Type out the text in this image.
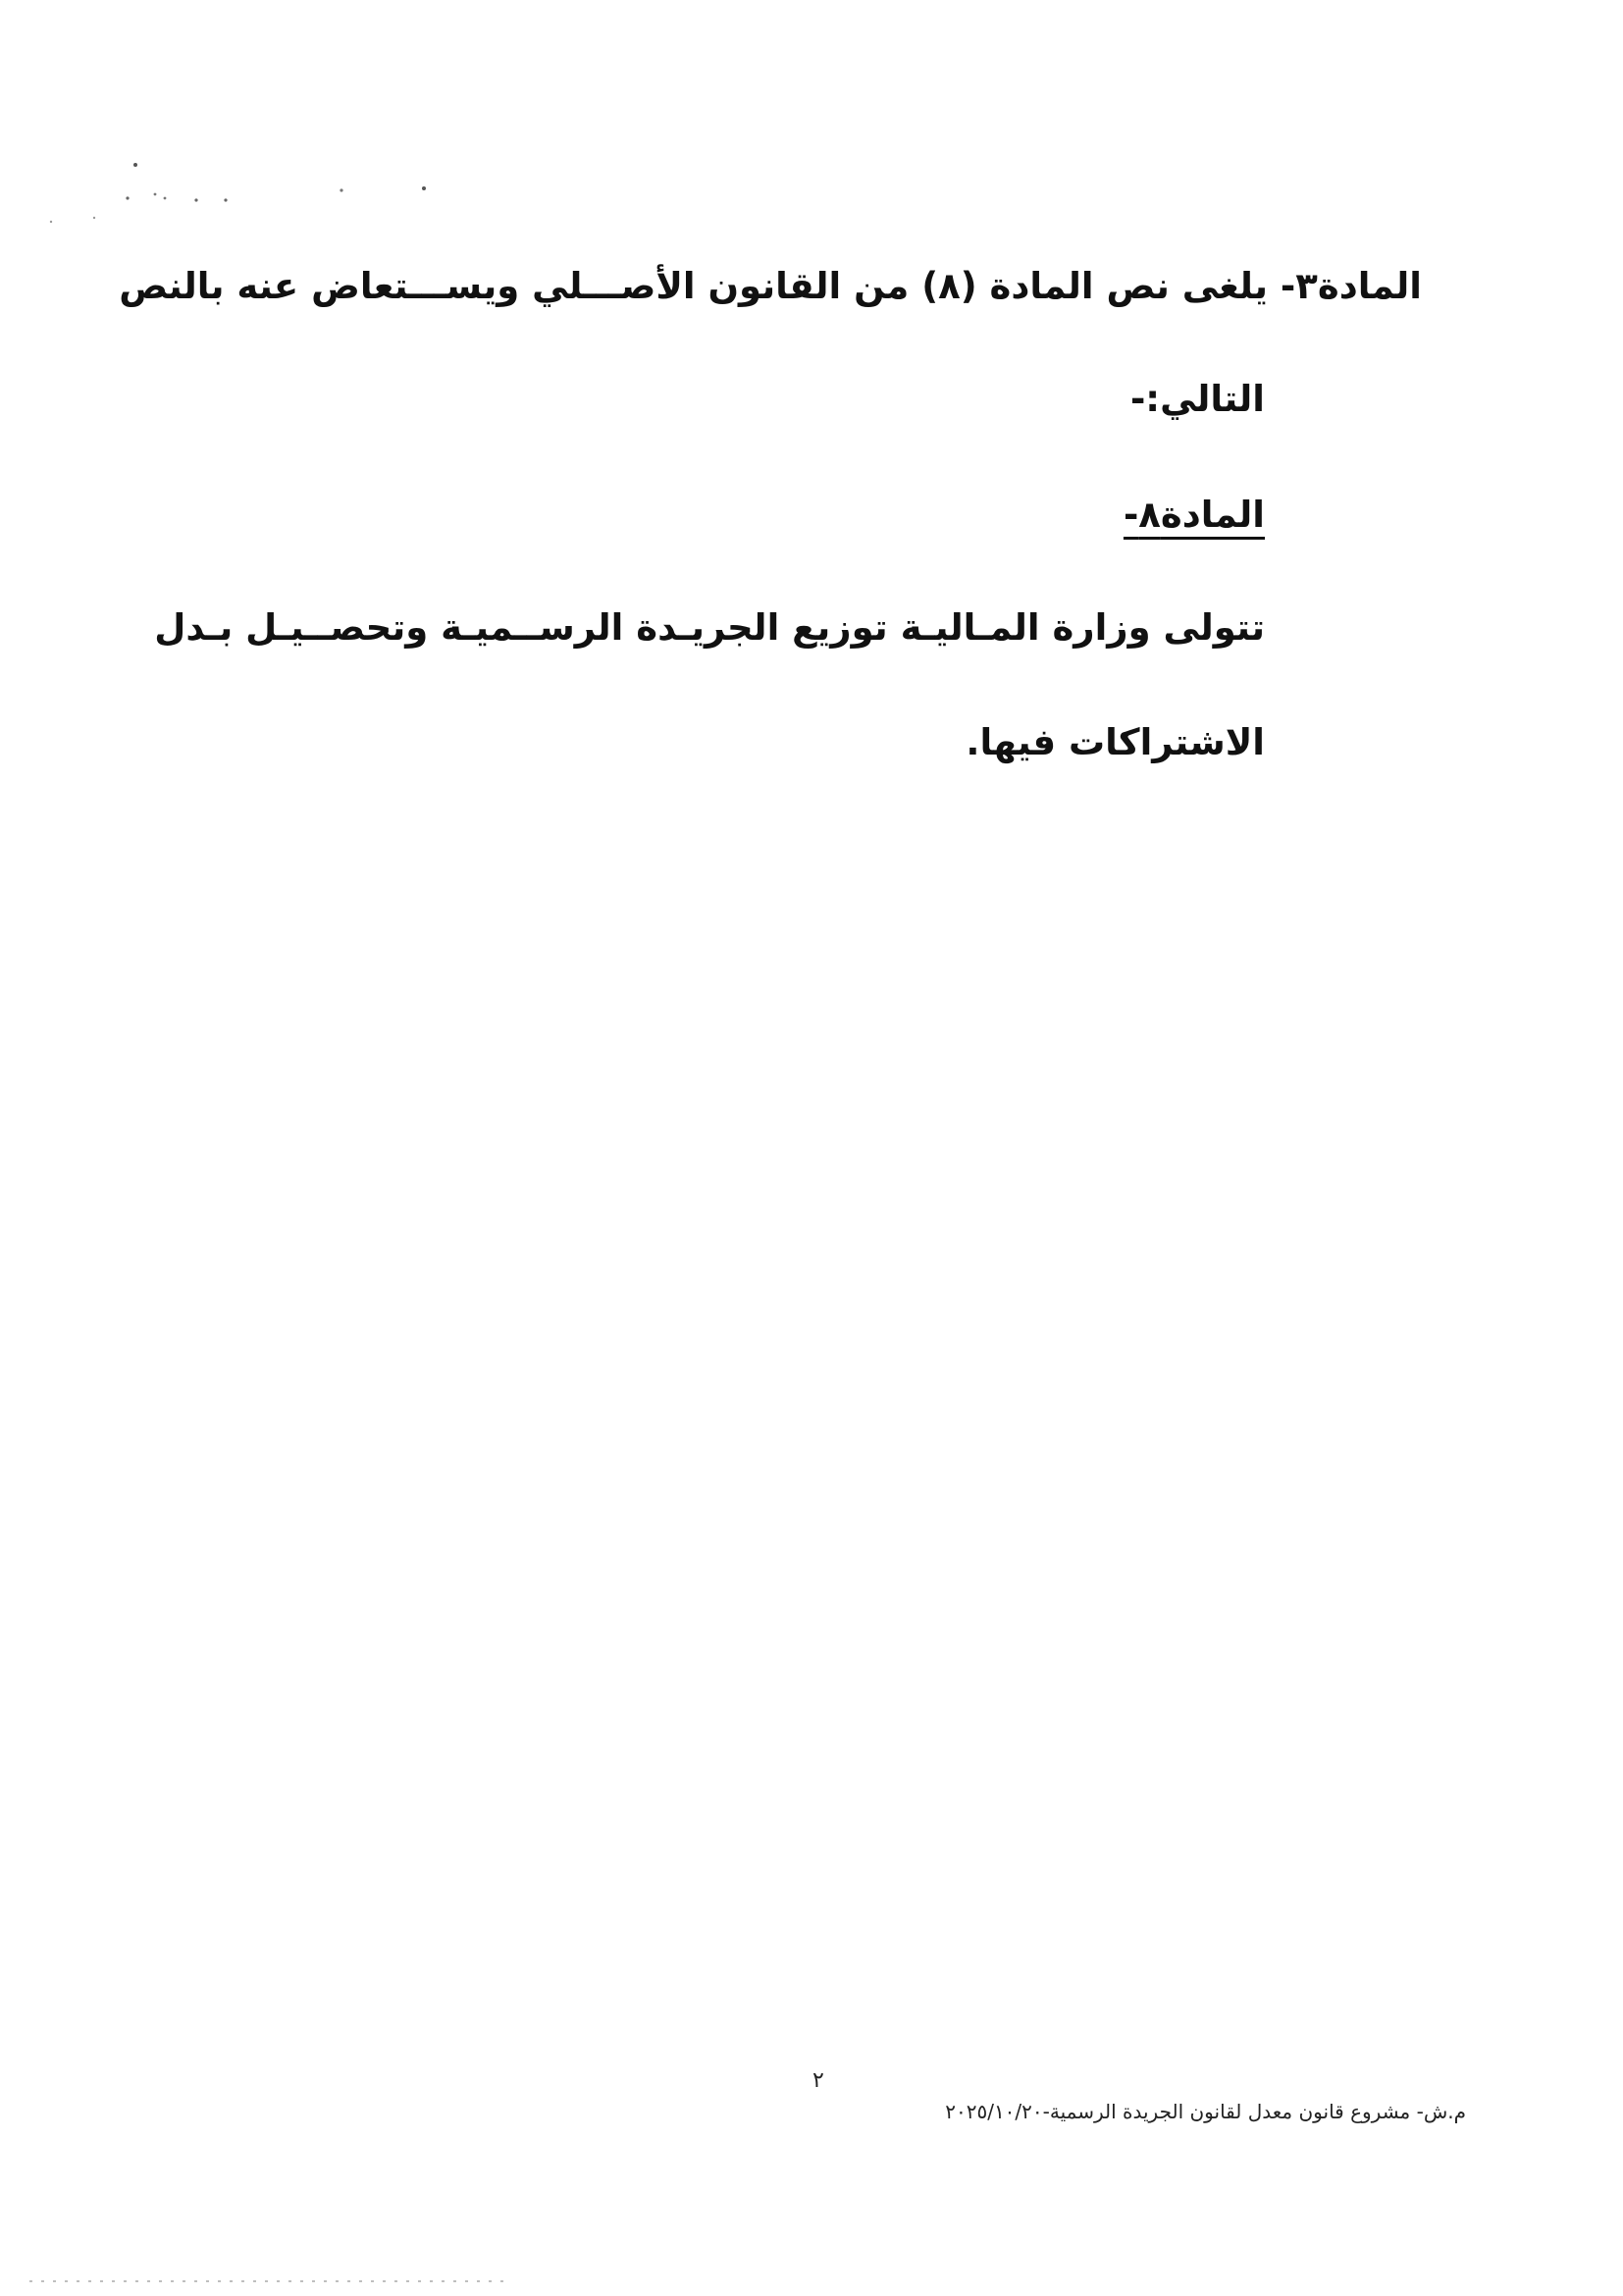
المادة٣- يلغى نص المادة (٨) من القانون الأصـــلي ويســـتعاض عنه بالنص
التالي:-
المادة٨-
تتولى وزارة المـاليـة توزيع الجريـدة الرســميـة وتحصــيـل بـدل
الاشتراكات فيها.
٢
م.ش- مشروع قانون معدل لقانون الجريدة الرسمية-٢٠٢٥/١٠/٢٠
